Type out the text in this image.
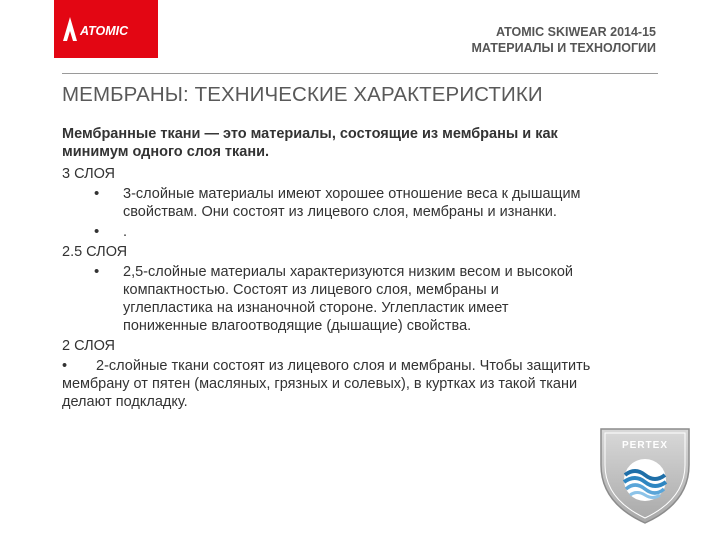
ATOMIC	ATOMIC SKIWEAR 2014-15
МАТЕРИАЛЫ И ТЕХНОЛОГИИ
МЕМБРАНЫ: ТЕХНИЧЕСКИЕ ХАРАКТЕРИСТИКИ
Мембранные ткани — это материалы, состоящие из мембраны и как минимум одного слоя ткани.
3 СЛОЯ
•	3-слойные материалы имеют хорошее отношение веса к дышащим свойствам. Они состоят из лицевого слоя, мембраны и изнанки.
•	.
2.5 СЛОЯ
•	2,5-слойные материалы характеризуются низким весом и высокой компактностью. Состоят из лицевого слоя, мембраны и углепластика на изнаночной стороне. Углепластик имеет пониженные влагоотводящие (дышащие) свойства.
2 СЛОЯ
• 2-слойные ткани состоят из лицевого слоя и мембраны. Чтобы защитить мембрану от пятен (масляных, грязных и солевых), в куртках из такой ткани делают подкладку.
PERTEX
